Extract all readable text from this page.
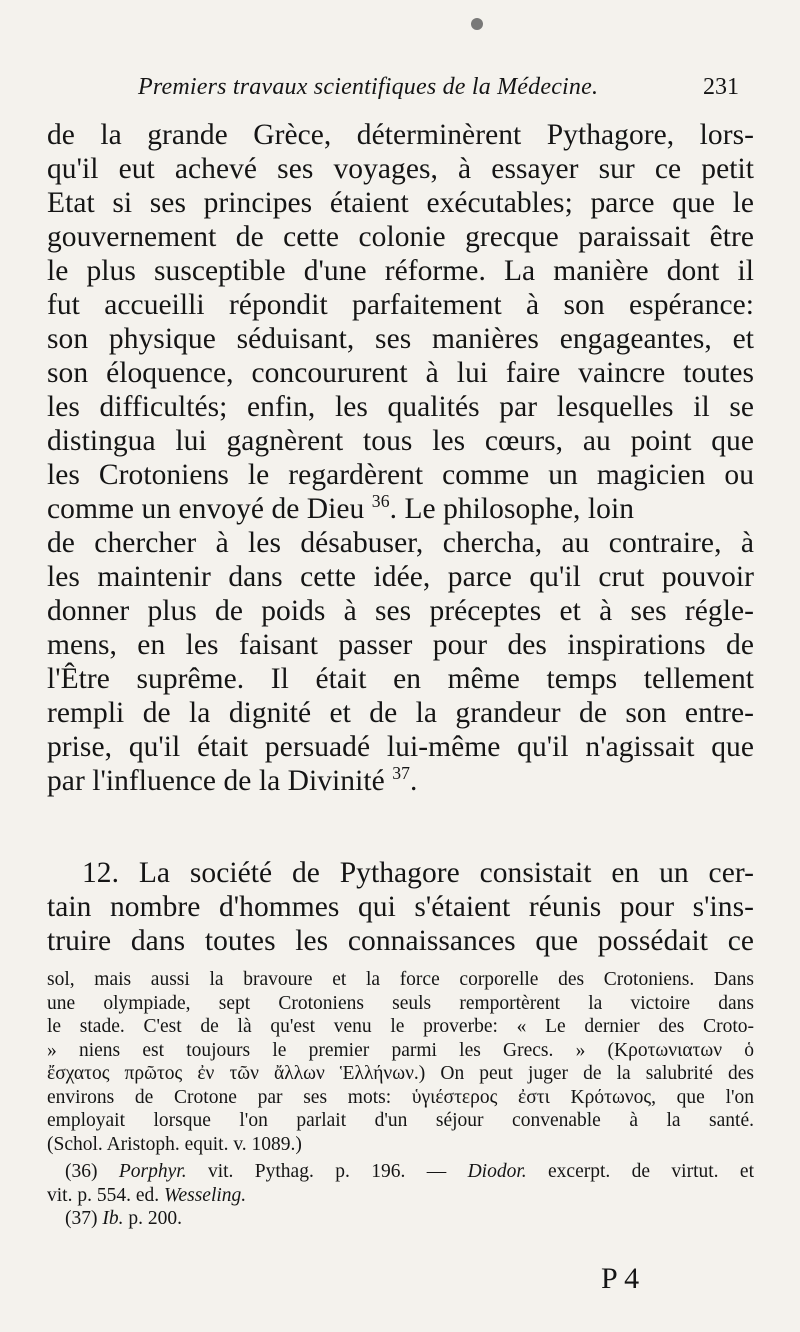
Premiers travaux scientifiques de la Médecine.	231
de la grande Grèce, déterminèrent Pythagore, lors-
qu'il eut achevé ses voyages, à essayer sur ce petit
Etat si ses principes étaient exécutables; parce que le
gouvernement de cette colonie grecque paraissait être
le plus susceptible d'une réforme. La manière dont il
fut accueilli répondit parfaitement à son espérance:
son physique séduisant, ses manières engageantes, et
son éloquence, concoururent à lui faire vaincre toutes
les difficultés; enfin, les qualités par lesquelles il se
distingua lui gagnèrent tous les cœurs, au point que
les Crotoniens le regardèrent comme un magicien ou
comme un envoyé de Dieu $^{36}$. Le philosophe, loin
de chercher à les désabuser, chercha, au contraire, à
les maintenir dans cette idée, parce qu'il crut pouvoir
donner plus de poids à ses préceptes et à ses régle-
mens, en les faisant passer pour des inspirations de
l'Être suprême. Il était en même temps tellement
rempli de la dignité et de la grandeur de son entre-
prise, qu'il était persuadé lui-même qu'il n'agissait que
par l'influence de la Divinité $^{37}$.
12. La société de Pythagore consistait en un cer-
tain nombre d'hommes qui s'étaient réunis pour s'ins-
truire dans toutes les connaissances que possédait ce
sol, mais aussi la bravoure et la force corporelle des Crotoniens. Dans
une olympiade, sept Crotoniens seuls remportèrent la victoire dans
le stade. C'est de là qu'est venu le proverbe: « Le dernier des Croto-
» niens est toujours le premier parmi les Grecs. » (Κροτωνιατων ὁ
ἔσχατος πρῶτος ἐν τῶν ἄλλων Ἑλλήνων.) On peut juger de la salubrité des
environs de Crotone par ses mots: ὑγιέστερος ἐστι Κρότωνος, que l'on
employait lorsque l'on parlait d'un séjour convenable à la santé.
(Schol. Aristoph. equit. v. 1089.)
(36) Porphyr. vit. Pythag. p. 196. — Diodor. excerpt. de virtut. et
vit. p. 554. ed. Wesseling.
(37) Ib. p. 200.
P 4
